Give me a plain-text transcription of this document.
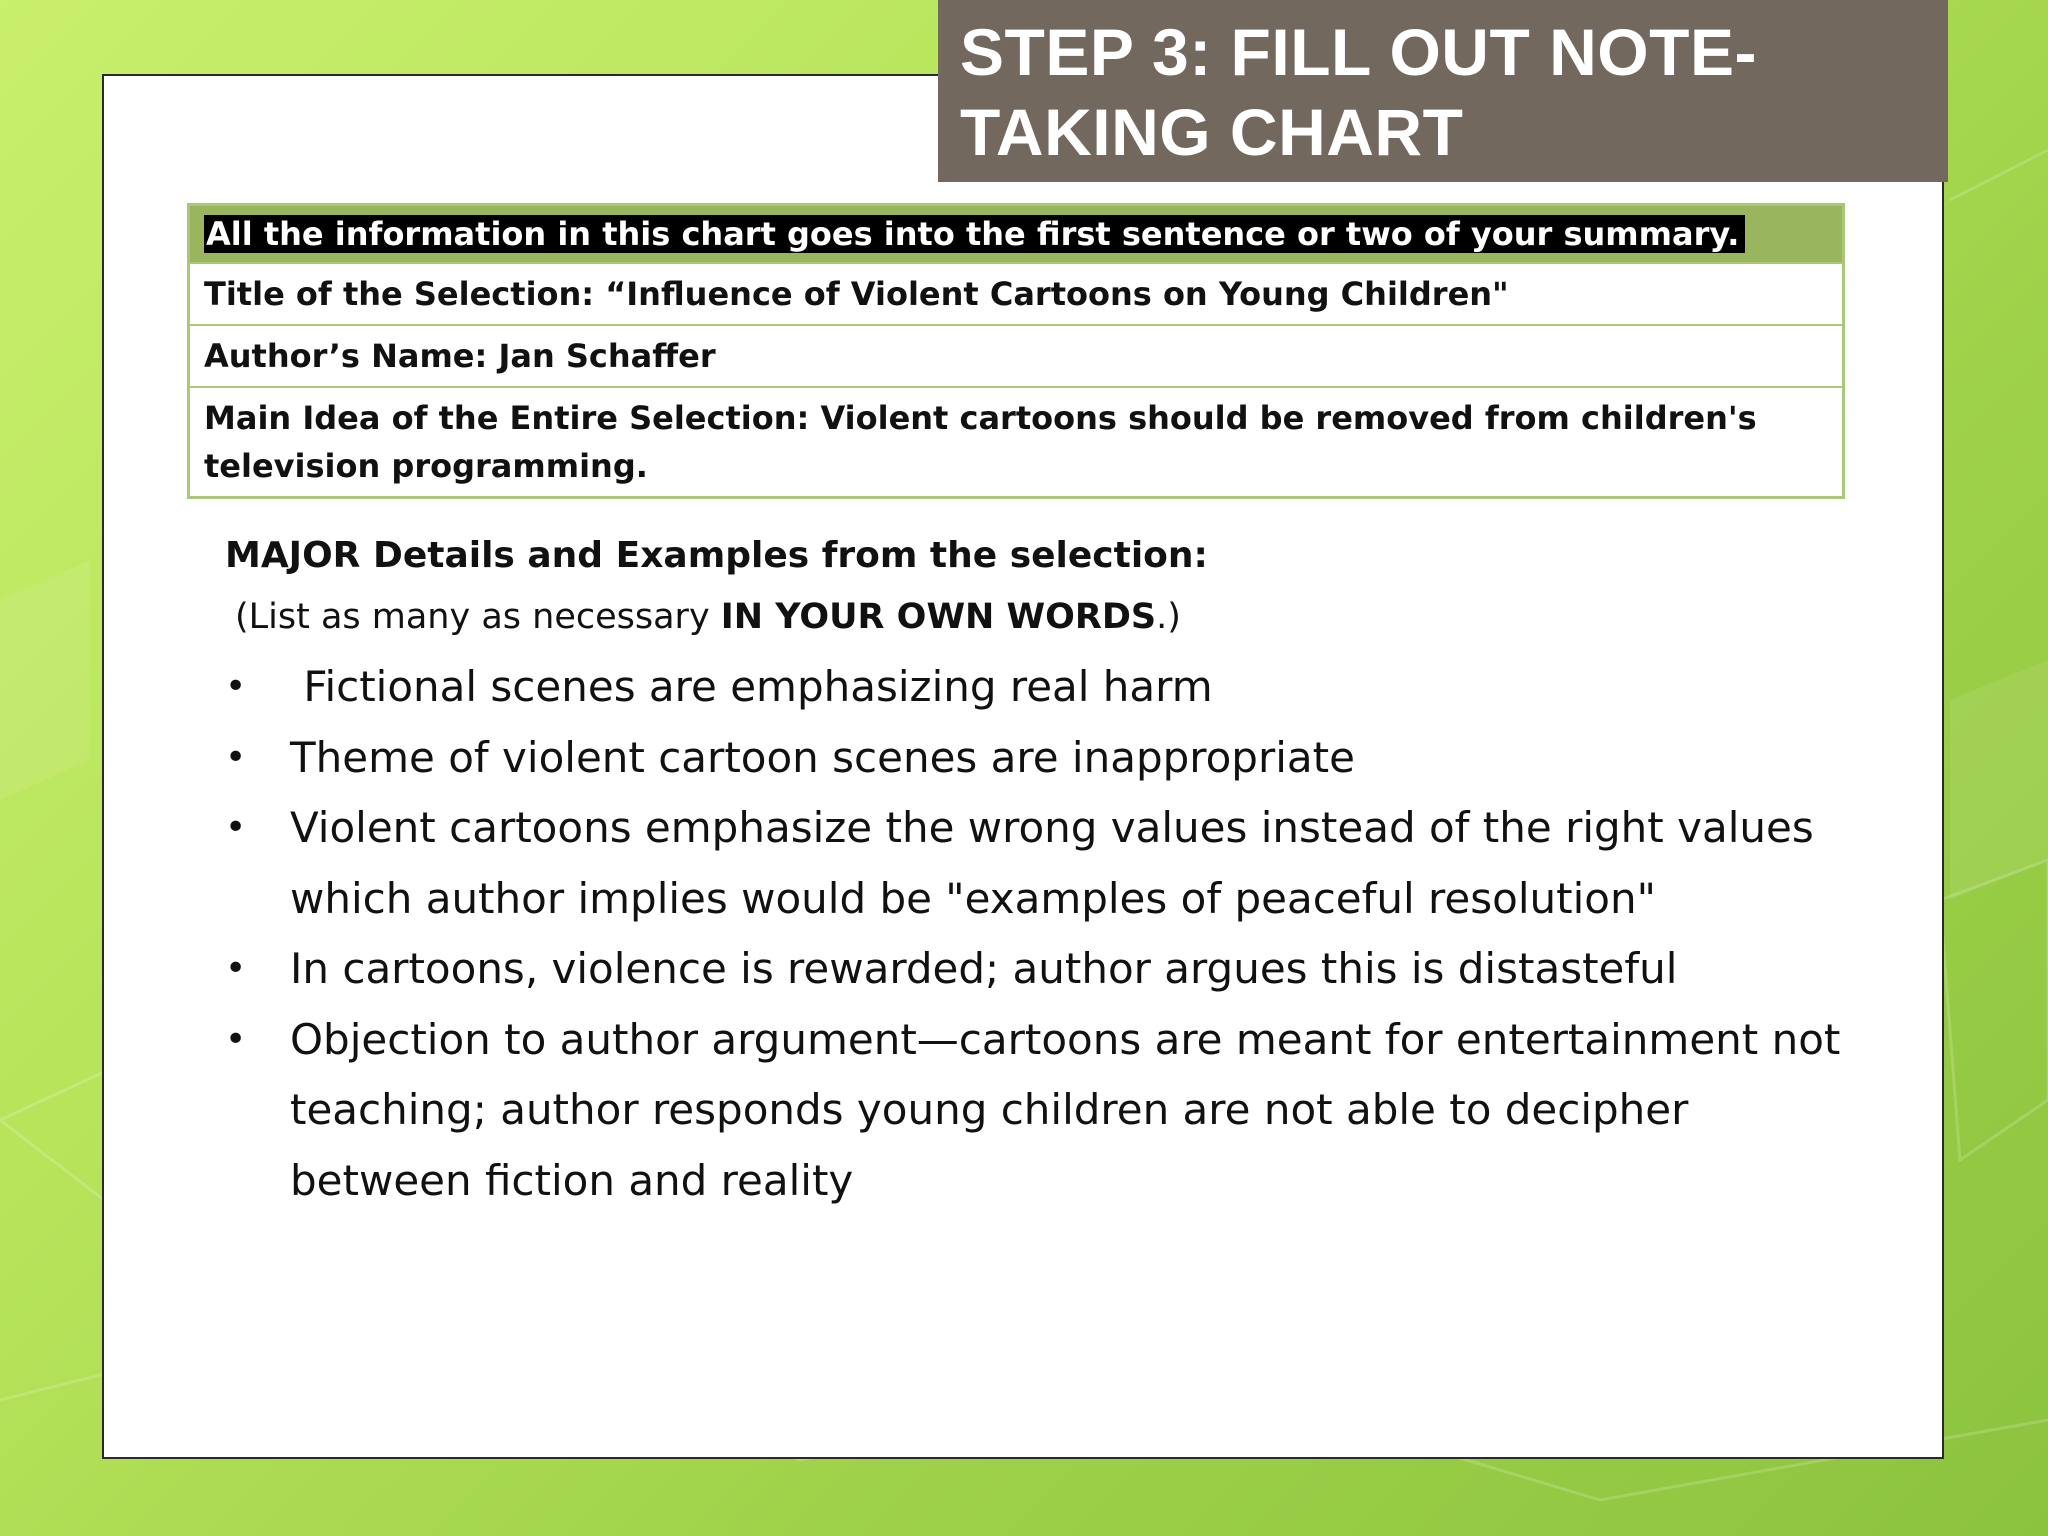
STEP 3: FILL OUT NOTE-
TAKING CHART
All the information in this chart goes into the first sentence or two of your summary.
Title of the Selection: “Influence of Violent Cartoons on Young Children"
Author’s Name: Jan Schaffer
Main Idea of the Entire Selection: Violent cartoons should be removed from children's television programming.

MAJOR Details and Examples from the selection:

(List as many as necessary IN YOUR OWN WORDS.)

• Fictional scenes are emphasizing real harm
• Theme of violent cartoon scenes are inappropriate
• Violent cartoons emphasize the wrong values instead of the right values which author implies would be "examples of peaceful resolution"
• In cartoons, violence is rewarded; author argues this is distasteful
• Objection to author argument—cartoons are meant for entertainment not teaching; author responds young children are not able to decipher between fiction and reality
